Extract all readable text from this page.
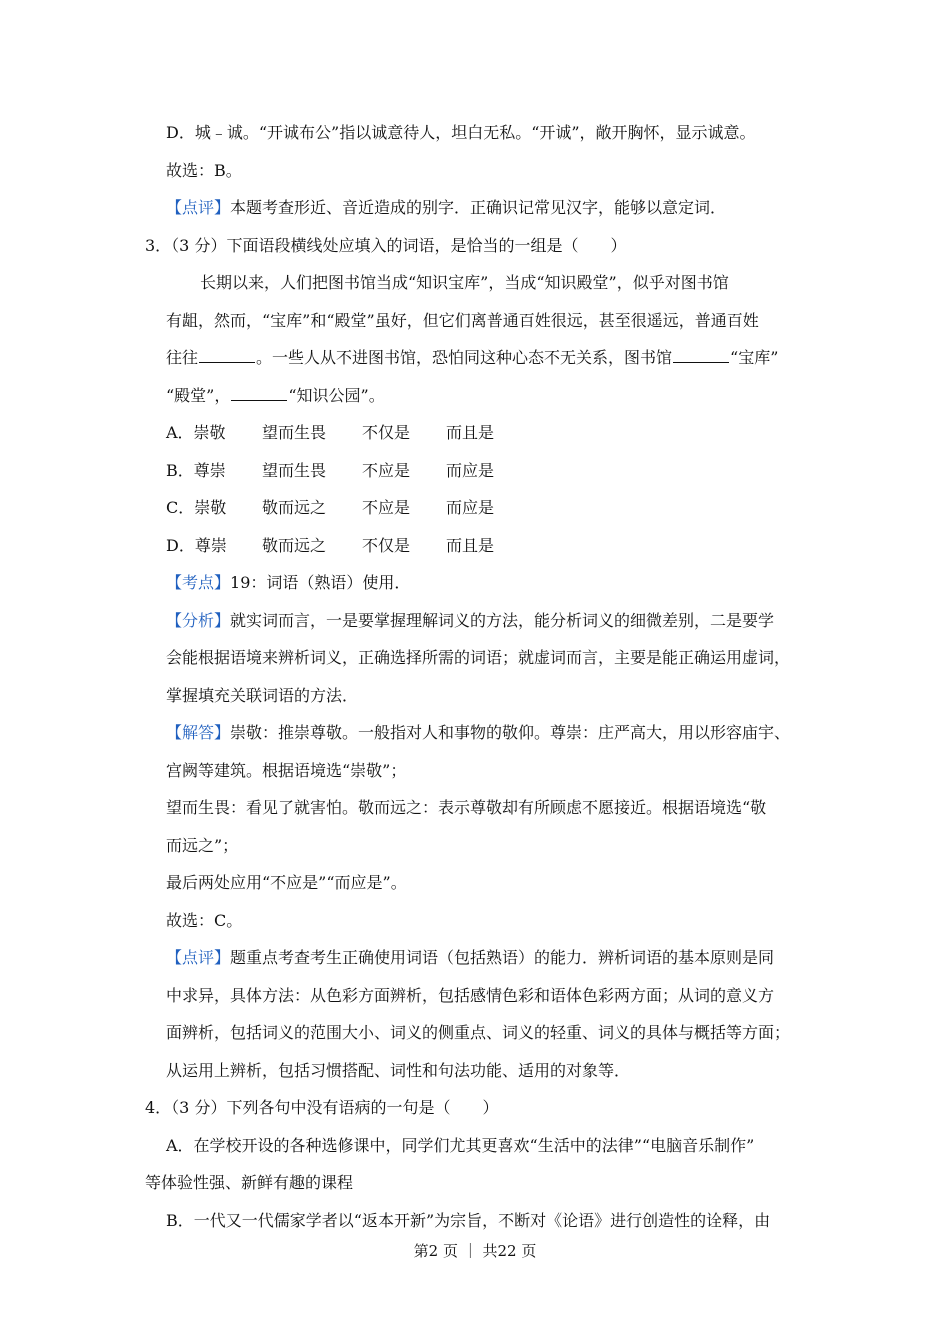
D．城﹣诚。“开诚布公”指以诚意待人，坦白无私。“开诚”，敞开胸怀，显示诚意。
故选：B。
【点评】本题考查形近、音近造成的别字．正确识记常见汉字，能够以意定词．
3．（3 分）下面语段横线处应填入的词语，是恰当的一组是（　　）
长期以来，人们把图书馆当成“知识宝库”，当成“知识殿堂”，似乎对图书馆
有龃，然而，“宝库”和“殿堂”虽好，但它们离普通百姓很远，甚至很遥远，普通百姓
往往	。一些人从不进图书馆，恐怕同这种心态不无关系，图书馆	“宝库”
“殿堂”，	“知识公园”。
A．崇敬 望而生畏 不仅是 而且是
B．尊崇 望而生畏 不应是 而应是
C．崇敬 敬而远之 不应是 而应是
D．尊崇 敬而远之 不仅是 而且是
【考点】19：词语（熟语）使用．
【分析】就实词而言，一是要掌握理解词义的方法，能分析词义的细微差别，二是要学
会能根据语境来辨析词义，正确选择所需的词语；就虚词而言，主要是能正确运用虚词，
掌握填充关联词语的方法．
【解答】崇敬：推崇尊敬。一般指对人和事物的敬仰。尊崇：庄严高大，用以形容庙宇、
宫阙等建筑。根据语境选“崇敬”；
望而生畏：看见了就害怕。敬而远之：表示尊敬却有所顾虑不愿接近。根据语境选“敬
而远之”；
最后两处应用“不应是”“而应是”。
故选：C。
【点评】题重点考查考生正确使用词语（包括熟语）的能力．辨析词语的基本原则是同
中求异，具体方法：从色彩方面辨析，包括感情色彩和语体色彩两方面；从词的意义方
面辨析，包括词义的范围大小、词义的侧重点、词义的轻重、词义的具体与概括等方面；
从运用上辨析，包括习惯搭配、词性和句法功能、适用的对象等．
4．（3 分）下列各句中没有语病的一句是（　　）
A．在学校开设的各种选修课中，同学们尤其更喜欢“生活中的法律”“电脑音乐制作”
等体验性强、新鲜有趣的课程
B．一代又一代儒家学者以“返本开新”为宗旨，不断对《论语》进行创造性的诠释，由
第2 页 ｜ 共22 页
